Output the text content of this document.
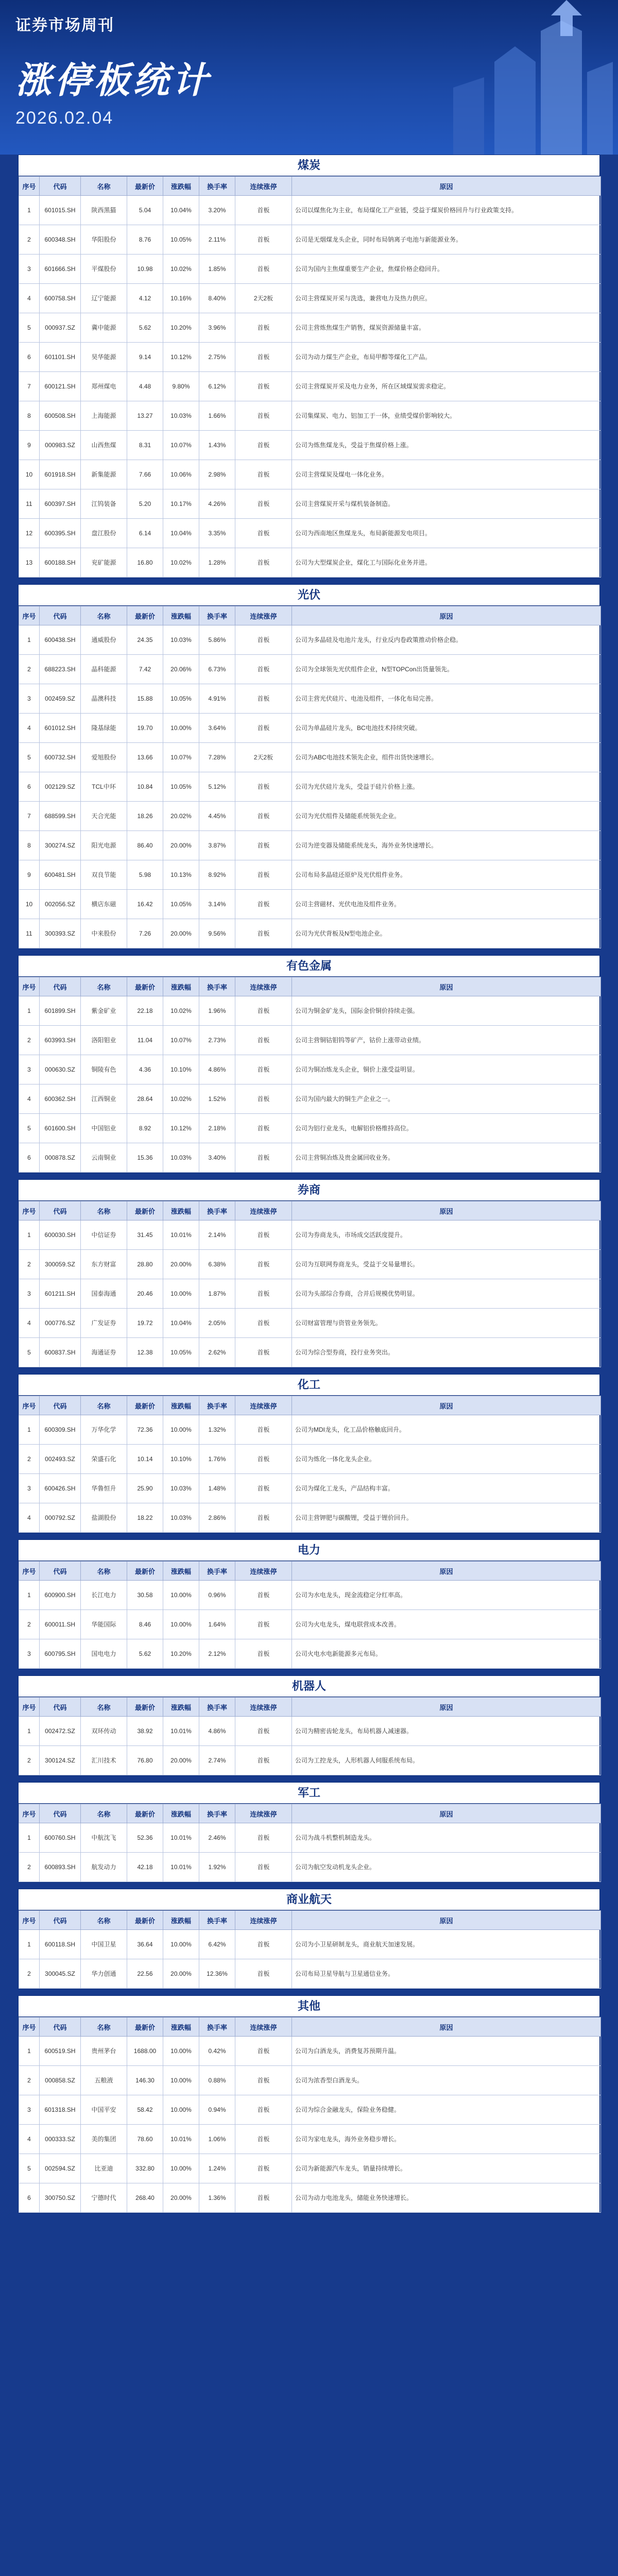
证券市场周刊
涨停板统计
2026.02.04
煤炭
序号	代码	名称	最新价	涨跌幅	换手率	连续涨停	原因
1	601015.SH	陕西黑猫	5.04	10.04%	3.20%	首板	公司以煤焦化为主业，布局煤化工产业链，受益于煤炭价格回升与行业政策支持。
2	600348.SH	华阳股份	8.76	10.05%	2.11%	首板	公司是无烟煤龙头企业，同时布局钠离子电池与新能源业务。
3	601666.SH	平煤股份	10.98	10.02%	1.85%	首板	公司为国内主焦煤重要生产企业，焦煤价格企稳回升。
4	600758.SH	辽宁能源	4.12	10.16%	8.40%	2天2板	公司主营煤炭开采与洗选，兼营电力及热力供应。
5	000937.SZ	冀中能源	5.62	10.20%	3.96%	首板	公司主营炼焦煤生产销售，煤炭资源储量丰富。
6	601101.SH	昊华能源	9.14	10.12%	2.75%	首板	公司为动力煤生产企业，布局甲醇等煤化工产品。
7	600121.SH	郑州煤电	4.48	9.80%	6.12%	首板	公司主营煤炭开采及电力业务，所在区域煤炭需求稳定。
8	600508.SH	上海能源	13.27	10.03%	1.66%	首板	公司集煤炭、电力、铝加工于一体，业绩受煤价影响较大。
9	000983.SZ	山西焦煤	8.31	10.07%	1.43%	首板	公司为炼焦煤龙头，受益于焦煤价格上涨。
10	601918.SH	新集能源	7.66	10.06%	2.98%	首板	公司主营煤炭及煤电一体化业务。
11	600397.SH	江钨装备	5.20	10.17%	4.26%	首板	公司主营煤炭开采与煤机装备制造。
12	600395.SH	盘江股份	6.14	10.04%	3.35%	首板	公司为西南地区焦煤龙头，布局新能源发电项目。
13	600188.SH	兖矿能源	16.80	10.02%	1.28%	首板	公司为大型煤炭企业，煤化工与国际化业务并进。
光伏
序号	代码	名称	最新价	涨跌幅	换手率	连续涨停	原因
1	600438.SH	通威股份	24.35	10.03%	5.86%	首板	公司为多晶硅及电池片龙头，行业反内卷政策推动价格企稳。
2	688223.SH	晶科能源	7.42	20.06%	6.73%	首板	公司为全球领先光伏组件企业，N型TOPCon出货量领先。
3	002459.SZ	晶澳科技	15.88	10.05%	4.91%	首板	公司主营光伏硅片、电池及组件，一体化布局完善。
4	601012.SH	隆基绿能	19.70	10.00%	3.64%	首板	公司为单晶硅片龙头，BC电池技术持续突破。
5	600732.SH	爱旭股份	13.66	10.07%	7.28%	2天2板	公司为ABC电池技术领先企业，组件出货快速增长。
6	002129.SZ	TCL中环	10.84	10.05%	5.12%	首板	公司为光伏硅片龙头，受益于硅片价格上涨。
7	688599.SH	天合光能	18.26	20.02%	4.45%	首板	公司为光伏组件及储能系统领先企业。
8	300274.SZ	阳光电源	86.40	20.00%	3.87%	首板	公司为逆变器及储能系统龙头，海外业务快速增长。
9	600481.SH	双良节能	5.98	10.13%	8.92%	首板	公司布局多晶硅还原炉及光伏组件业务。
10	002056.SZ	横店东磁	16.42	10.05%	3.14%	首板	公司主营磁材、光伏电池及组件业务。
11	300393.SZ	中来股份	7.26	20.00%	9.56%	首板	公司为光伏背板及N型电池企业。
有色金属
序号	代码	名称	最新价	涨跌幅	换手率	连续涨停	原因
1	601899.SH	紫金矿业	22.18	10.02%	1.96%	首板	公司为铜金矿龙头，国际金价铜价持续走强。
2	603993.SH	洛阳钼业	11.04	10.07%	2.73%	首板	公司主营铜钴钼钨等矿产，钴价上涨带动业绩。
3	000630.SZ	铜陵有色	4.36	10.10%	4.86%	首板	公司为铜冶炼龙头企业，铜价上涨受益明显。
4	600362.SH	江西铜业	28.64	10.02%	1.52%	首板	公司为国内最大的铜生产企业之一。
5	601600.SH	中国铝业	8.92	10.12%	2.18%	首板	公司为铝行业龙头，电解铝价格维持高位。
6	000878.SZ	云南铜业	15.36	10.03%	3.40%	首板	公司主营铜冶炼及贵金属回收业务。
券商
序号	代码	名称	最新价	涨跌幅	换手率	连续涨停	原因
1	600030.SH	中信证券	31.45	10.01%	2.14%	首板	公司为券商龙头，市场成交活跃度提升。
2	300059.SZ	东方财富	28.80	20.00%	6.38%	首板	公司为互联网券商龙头，受益于交易量增长。
3	601211.SH	国泰海通	20.46	10.00%	1.87%	首板	公司为头部综合券商，合并后规模优势明显。
4	000776.SZ	广发证券	19.72	10.04%	2.05%	首板	公司财富管理与资管业务领先。
5	600837.SH	海通证券	12.38	10.05%	2.62%	首板	公司为综合型券商，投行业务突出。
化工
序号	代码	名称	最新价	涨跌幅	换手率	连续涨停	原因
1	600309.SH	万华化学	72.36	10.00%	1.32%	首板	公司为MDI龙头，化工品价格触底回升。
2	002493.SZ	荣盛石化	10.14	10.10%	1.76%	首板	公司为炼化一体化龙头企业。
3	600426.SH	华鲁恒升	25.90	10.03%	1.48%	首板	公司为煤化工龙头，产品结构丰富。
4	000792.SZ	盐湖股份	18.22	10.03%	2.86%	首板	公司主营钾肥与碳酸锂，受益于锂价回升。
电力
序号	代码	名称	最新价	涨跌幅	换手率	连续涨停	原因
1	600900.SH	长江电力	30.58	10.00%	0.96%	首板	公司为水电龙头，现金流稳定分红率高。
2	600011.SH	华能国际	8.46	10.00%	1.64%	首板	公司为火电龙头，煤电联营成本改善。
3	600795.SH	国电电力	5.62	10.20%	2.12%	首板	公司火电水电新能源多元布局。
机器人
序号	代码	名称	最新价	涨跌幅	换手率	连续涨停	原因
1	002472.SZ	双环传动	38.92	10.01%	4.86%	首板	公司为精密齿轮龙头，布局机器人减速器。
2	300124.SZ	汇川技术	76.80	20.00%	2.74%	首板	公司为工控龙头，人形机器人伺服系统布局。
军工
序号	代码	名称	最新价	涨跌幅	换手率	连续涨停	原因
1	600760.SH	中航沈飞	52.36	10.01%	2.46%	首板	公司为战斗机整机制造龙头。
2	600893.SH	航发动力	42.18	10.01%	1.92%	首板	公司为航空发动机龙头企业。
商业航天
序号	代码	名称	最新价	涨跌幅	换手率	连续涨停	原因
1	600118.SH	中国卫星	36.64	10.00%	6.42%	首板	公司为小卫星研制龙头，商业航天加速发展。
2	300045.SZ	华力创通	22.56	20.00%	12.36%	首板	公司布局卫星导航与卫星通信业务。
其他
序号	代码	名称	最新价	涨跌幅	换手率	连续涨停	原因
1	600519.SH	贵州茅台	1688.00	10.00%	0.42%	首板	公司为白酒龙头，消费复苏预期升温。
2	000858.SZ	五粮液	146.30	10.00%	0.88%	首板	公司为浓香型白酒龙头。
3	601318.SH	中国平安	58.42	10.00%	0.94%	首板	公司为综合金融龙头，保险业务稳健。
4	000333.SZ	美的集团	78.60	10.01%	1.06%	首板	公司为家电龙头，海外业务稳步增长。
5	002594.SZ	比亚迪	332.80	10.00%	1.24%	首板	公司为新能源汽车龙头，销量持续增长。
6	300750.SZ	宁德时代	268.40	20.00%	1.36%	首板	公司为动力电池龙头，储能业务快速增长。
